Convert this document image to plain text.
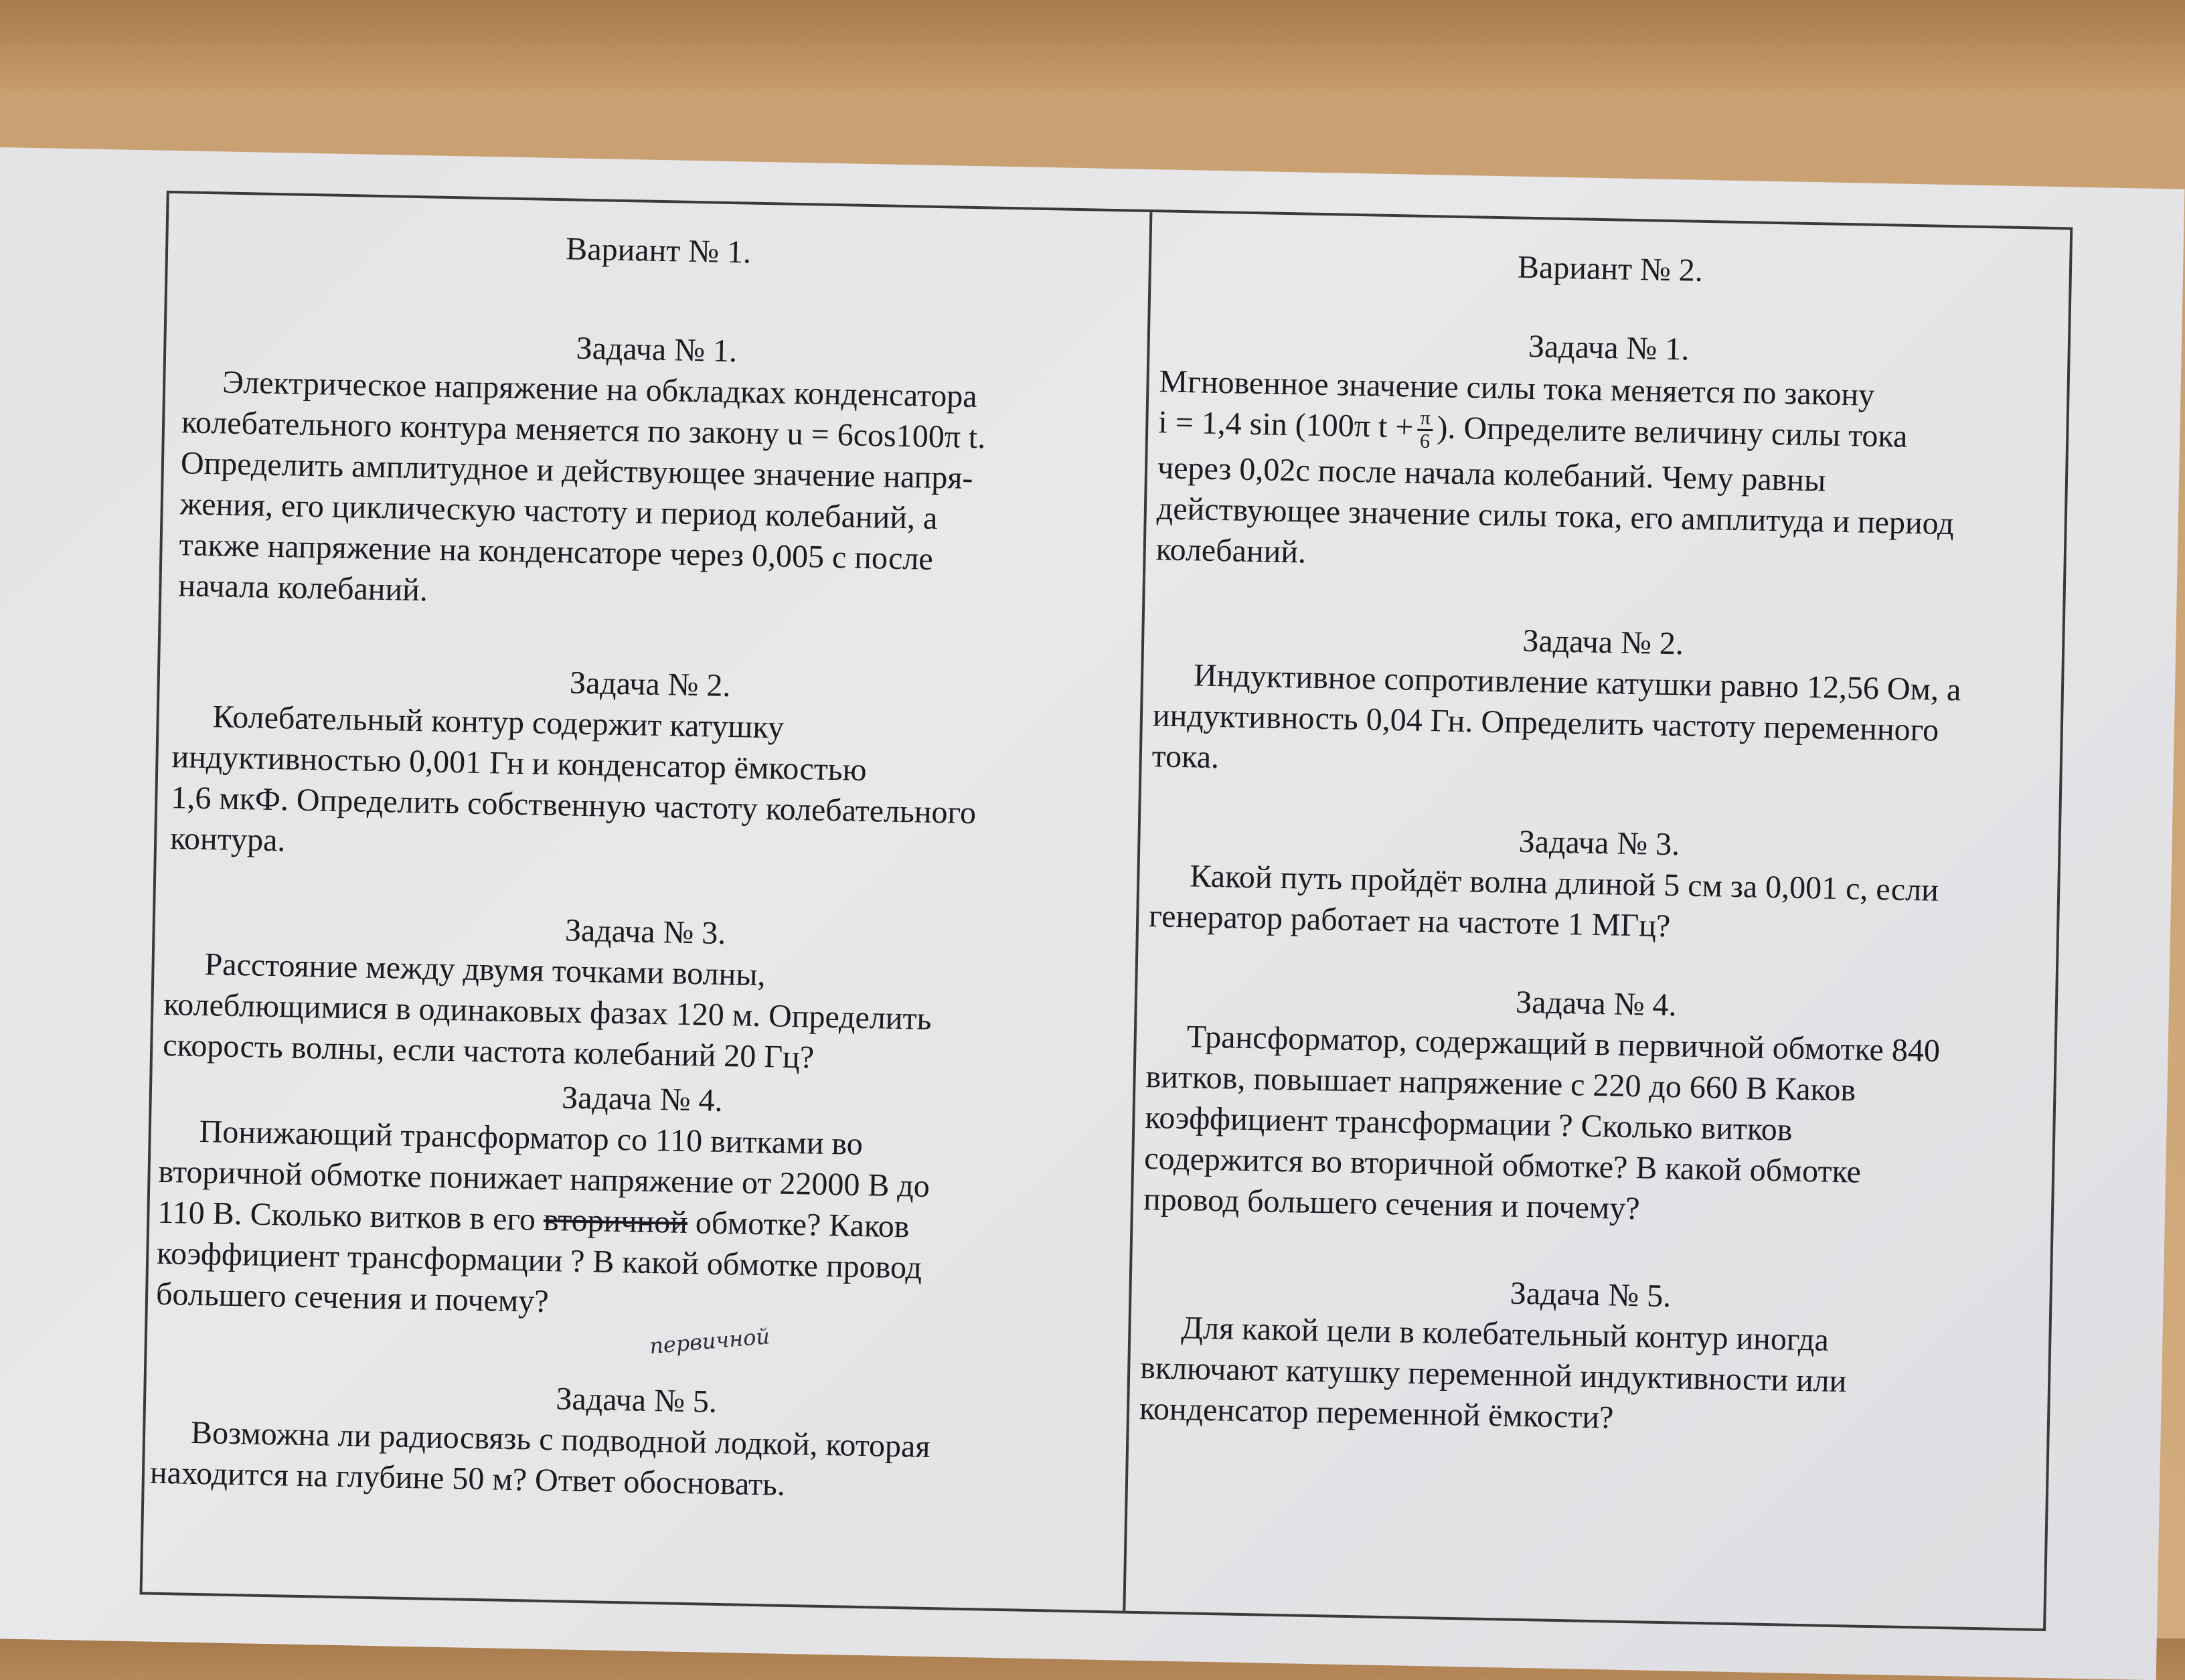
Вариант № 1.

Задача № 1.

Электрическое напряжение на обкладках конденсатора
колебательного контура меняется по закону u = 6cos100π t.
Определить амплитудное и действующее значение напря-
жения, его циклическую частоту и период колебаний, а
также напряжение на конденсаторе через 0,005 с после
начала колебаний.

Задача № 2.

Колебательный контур содержит катушку
индуктивностью 0,001 Гн и конденсатор ёмкостью
1,6 мкФ. Определить собственную частоту колебательного
контура.

Задача № 3.

Расстояние между двумя точками волны,
колеблющимися в одинаковых фазах 120 м. Определить
скорость волны, если частота колебаний 20 Гц?

Задача № 4.

Понижающий трансформатор со 110 витками во
вторичной обмотке понижает напряжение от 22000 В до
110 В. Сколько витков в его вторичной обмотке? Каков
коэффициент трансформации ? В какой обмотке провод
большего сечения и почему?
первичной

Задача № 5.

Возможна ли радиосвязь с подводной лодкой, которая
находится на глубине 50 м? Ответ обосновать.

Вариант № 2.

Задача № 1.

Мгновенное значение силы тока меняется по закону
i = 1,4 sin (100π $t + \frac{\pi}{6}$ ). Определите величину силы тока
через 0,02с после начала колебаний. Чему равны
действующее значение силы тока, его амплитуда и период
колебаний.

Задача № 2.

Индуктивное сопротивление катушки равно 12,56 Ом, а
индуктивность 0,04 Гн. Определить частоту переменного
тока.

Задача № 3.

Какой путь пройдёт волна длиной 5 см за 0,001 с, если
генератор работает на частоте 1 МГц?

Задача № 4.

Трансформатор, содержащий в первичной обмотке 840
витков, повышает напряжение с 220 до 660 В Каков
коэффициент трансформации ? Сколько витков
содержится во вторичной обмотке? В какой обмотке
провод большего сечения и почему?

Задача № 5.

Для какой цели в колебательный контур иногда
включают катушку переменной индуктивности или
конденсатор переменной ёмкости?
